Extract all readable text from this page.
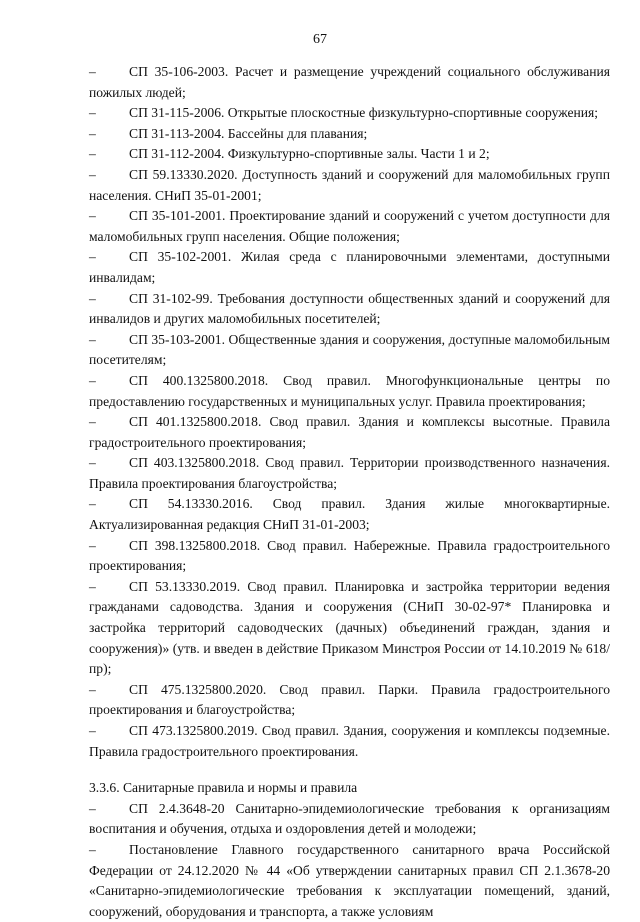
67

– СП 35-106-2003. Расчет и размещение учреждений социального обслуживания пожилых людей;

– СП 31-115-2006. Открытые плоскостные физкультурно-спортивные сооружения;

– СП 31-113-2004. Бассейны для плавания;

– СП 31-112-2004. Физкультурно-спортивные залы. Части 1 и 2;

– СП 59.13330.2020. Доступность зданий и сооружений для маломобильных групп населения. СНиП 35-01-2001;

– СП 35-101-2001. Проектирование зданий и сооружений с учетом доступности для маломобильных групп населения. Общие положения;

– СП 35-102-2001. Жилая среда с планировочными элементами, доступными инвалидам;

– СП 31-102-99. Требования доступности общественных зданий и сооружений для инвалидов и других маломобильных посетителей;

– СП 35-103-2001. Общественные здания и сооружения, доступные маломобильным посетителям;

– СП 400.1325800.2018. Свод правил. Многофункциональные центры по предоставлению государственных и муниципальных услуг. Правила проектирования;

– СП 401.1325800.2018. Свод правил. Здания и комплексы высотные. Правила градостроительного проектирования;

– СП 403.1325800.2018. Свод правил. Территории производственного назначения. Правила проектирования благоустройства;

– СП 54.13330.2016. Свод правил. Здания жилые многоквартирные. Актуализированная редакция СНиП 31-01-2003;

– СП 398.1325800.2018. Свод правил. Набережные. Правила градостроительного проектирования;

– СП 53.13330.2019. Свод правил. Планировка и застройка территории ведения гражданами садоводства. Здания и сооружения (СНиП 30-02-97* Планировка и застройка территорий садоводческих (дачных) объединений граждан, здания и сооружения)» (утв. и введен в действие Приказом Минстроя России от 14.10.2019 № 618/пр);

– СП 475.1325800.2020. Свод правил. Парки. Правила градостроительного проектирования и благоустройства;

– СП 473.1325800.2019. Свод правил. Здания, сооружения и комплексы подземные. Правила градостроительного проектирования.

3.3.6. Санитарные правила и нормы и правила

– СП 2.4.3648-20 Санитарно-эпидемиологические требования к организациям воспитания и обучения, отдыха и оздоровления детей и молодежи;

– Постановление Главного государственного санитарного врача Российской Федерации от 24.12.2020 № 44 «Об утверждении санитарных правил СП 2.1.3678-20 «Санитарно-эпидемиологические требования к эксплуатации помещений, зданий, сооружений, оборудования и транспорта, а также условиям
